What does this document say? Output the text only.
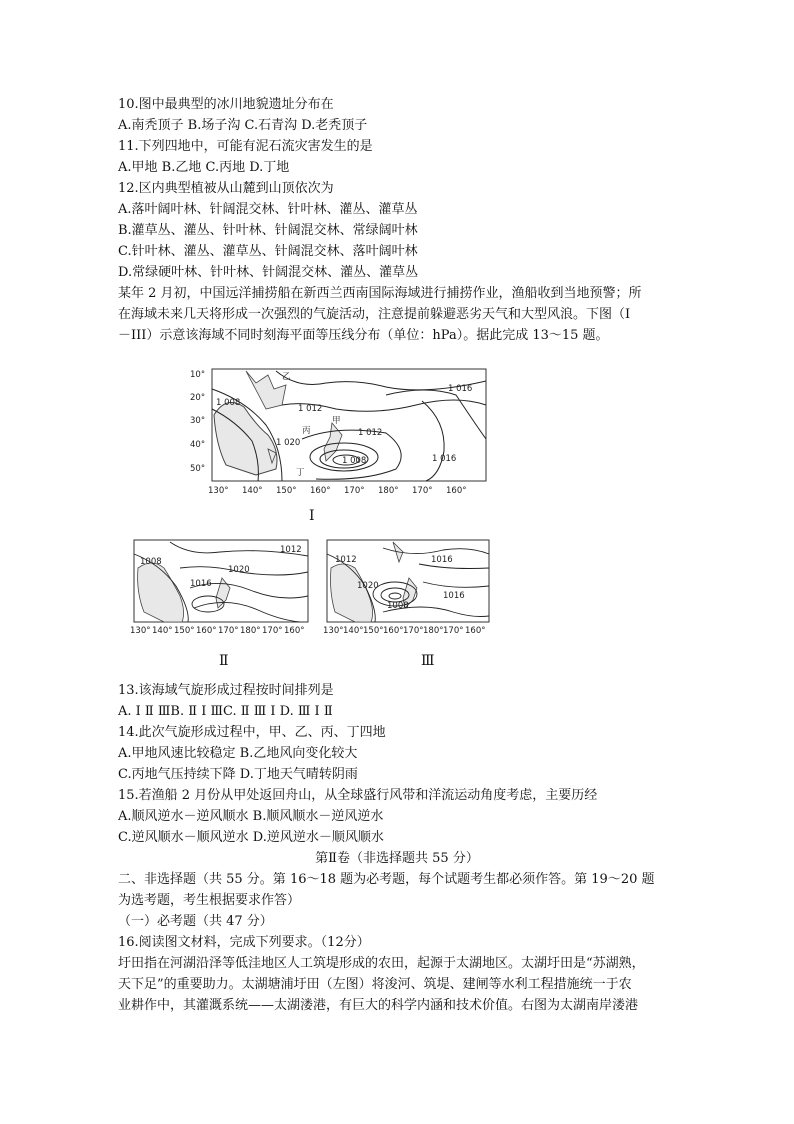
10.图中最典型的冰川地貌遗址分布在
A.南秃顶子 B.场子沟 C.石青沟 D.老秃顶子
11.下列四地中，可能有泥石流灾害发生的是
A.甲地 B.乙地 C.丙地 D.丁地
12.区内典型植被从山麓到山顶依次为
A.落叶阔叶林、针阔混交林、针叶林、灌丛、灌草丛
B.灌草丛、灌丛、针叶林、针阔混交林、常绿阔叶林
C.针叶林、灌丛、灌草丛、针阔混交林、落叶阔叶林
D.常绿硬叶林、针叶林、针阔混交林、灌丛、灌草丛
某年 2 月初，中国远洋捕捞船在新西兰西南国际海域进行捕捞作业，渔船收到当地预警；所
在海域未来几天将形成一次强烈的气旋活动，注意提前躲避恶劣天气和大型风浪。下图（I
－III）示意该海域不同时刻海平面等压线分布（单位：hPa）。据此完成 13～15 题。
10°
20°
30°
40°
50°
130° 140° 150° 160° 170° 180° 170° 160°
1 008
1 012
1 016
1 012
1 020
1 016
1 008
乙
甲
丙
丁
I
1008
1012
1016
1020
130° 140° 150° 160° 170° 180° 170° 160°
Ⅱ
1012	1016
1020
1008
1016
130° 140° 150° 160° 170° 180° 170° 160°
Ⅲ
13.该海域气旋形成过程按时间排列是
A. Ⅰ Ⅱ ⅢB. Ⅱ Ⅰ ⅢC. Ⅱ Ⅲ Ⅰ D. Ⅲ Ⅰ Ⅱ
14.此次气旋形成过程中，甲、乙、丙、丁四地
A.甲地风速比较稳定 B.乙地风向变化较大
C.丙地气压持续下降 D.丁地天气晴转阴雨
15.若渔船 2 月份从甲处返回舟山，从全球盛行风带和洋流运动角度考虑，主要历经
A.顺风逆水－逆风顺水 B.顺风顺水－逆风逆水
C.逆风顺水－顺风逆水 D.逆风逆水－顺风顺水
第Ⅱ卷（非选择题共 55 分）
二、非选择题（共 55 分。第 16～18 题为必考题，每个试题考生都必须作答。第 19～20 题
为选考题，考生根据要求作答）
（一）必考题（共 47 分）
16.阅读图文材料，完成下列要求。（12分）
圩田指在河湖沿泽等低洼地区人工筑堤形成的农田，起源于太湖地区。太湖圩田是“苏湖熟，
天下足”的重要助力。太湖塘浦圩田（左图）将浚河、筑堤、建闸等水利工程措施统一于农
业耕作中，其灌溉系统——太湖溇港，有巨大的科学内涵和技术价值。右图为太湖南岸溇港
